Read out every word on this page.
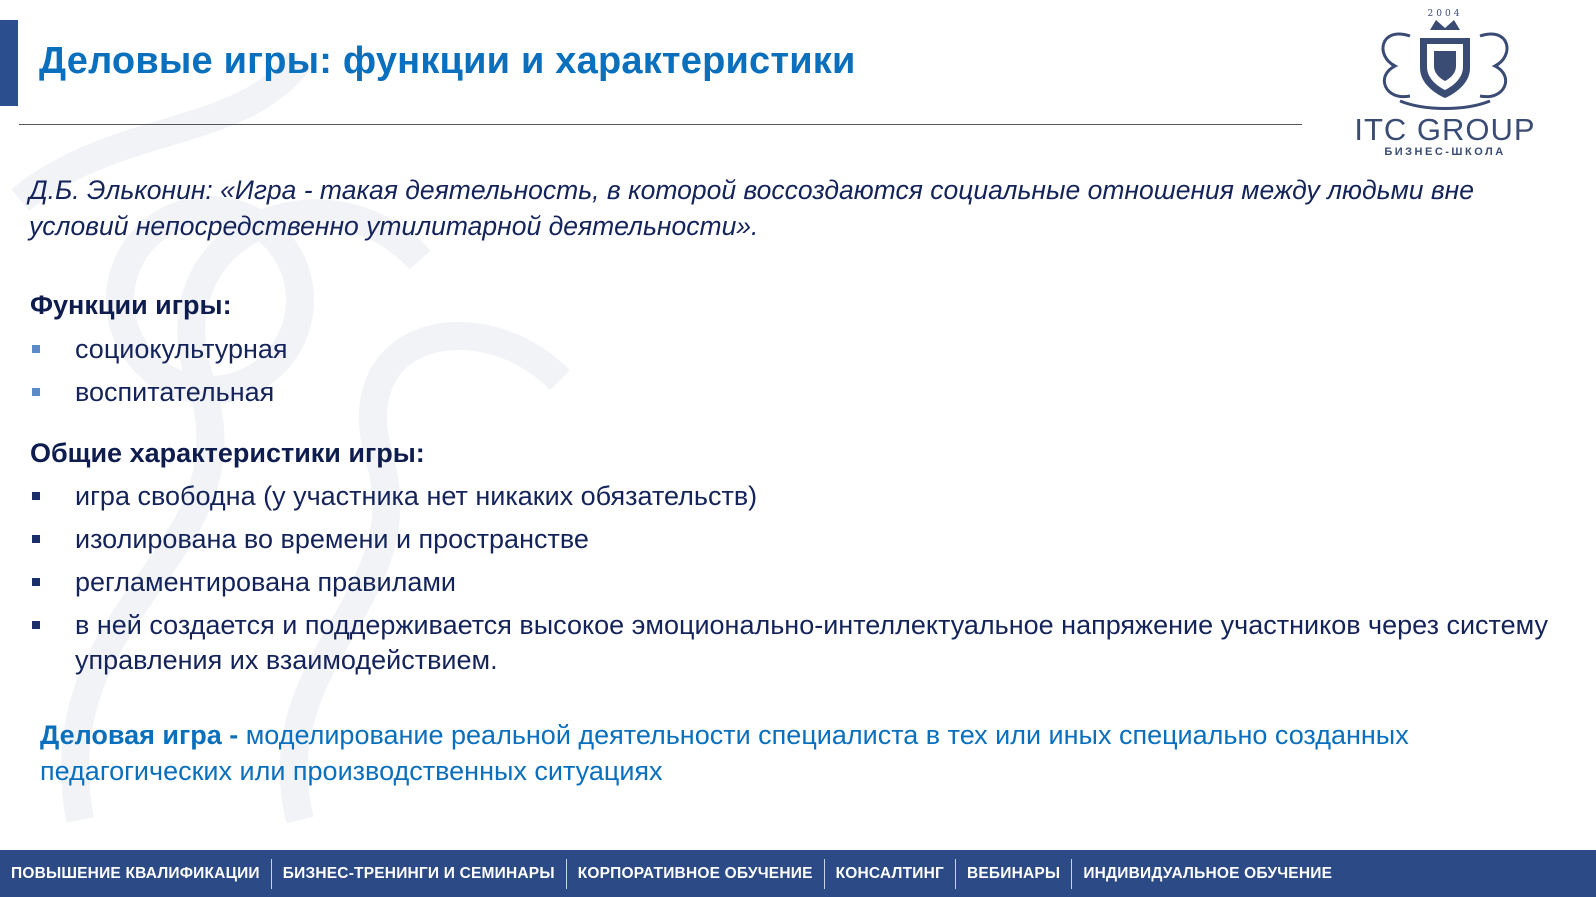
Деловые игры: функции и характеристики
2004
ITC GROUP
БИЗНЕС-ШКОЛА

Д.Б. Эльконин: «Игра - такая деятельность, в которой воссоздаются социальные отношения между людьми вне условий непосредственно утилитарной деятельности».

Функции игры:
социокультурная
воспитательная
Общие характеристики игры:
игра свободна (у участника нет никаких обязательств)
изолирована во времени и пространстве
регламентирована правилами
в ней создается и поддерживается высокое эмоционально-интеллектуальное напряжение участников через систему управления их взаимодействием.

Деловая игра - моделирование реальной деятельности специалиста в тех или иных специально созданных педагогических или производственных ситуациях

ПОВЫШЕНИЕ КВАЛИФИКАЦИИ	БИЗНЕС-ТРЕНИНГИ И СЕМИНАРЫ	КОРПОРАТИВНОЕ ОБУЧЕНИЕ	КОНСАЛТИНГ	ВЕБИНАРЫ	ИНДИВИДУАЛЬНОЕ ОБУЧЕНИЕ
